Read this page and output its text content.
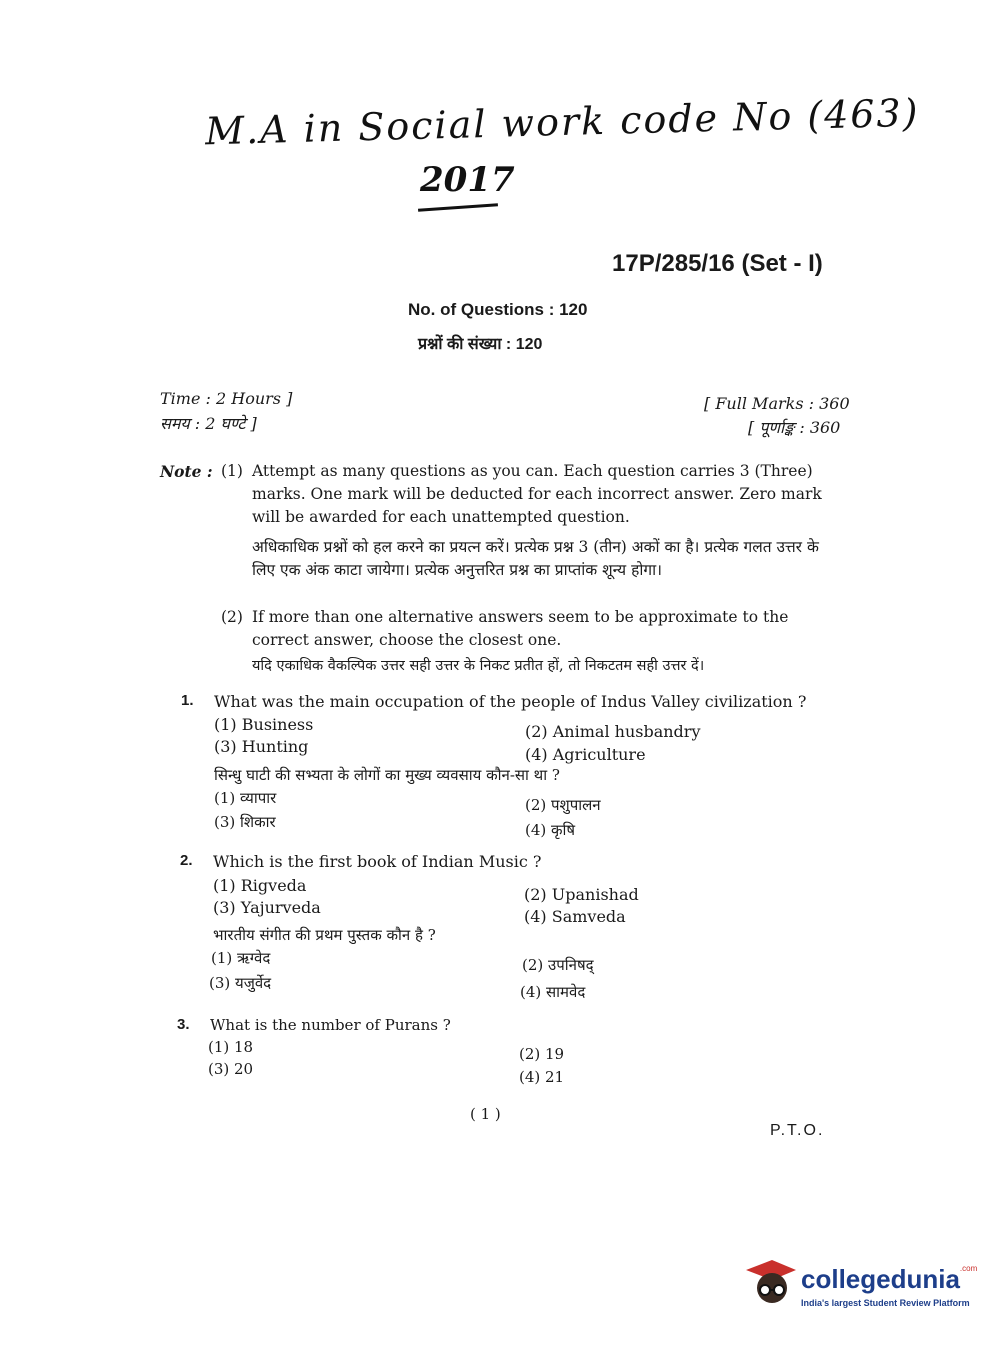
M.A in Social work code No (463)
2017
17P/285/16 (Set - I)
No. of Questions : 120
प्रश्नों की संख्या : 120
Time : 2 Hours ]
समय : 2 घण्टे ]
[ Full Marks : 360
[ पूर्णाङ्क : 360
Note : (1) Attempt as many questions as you can. Each question carries 3 (Three) marks. One mark will be deducted for each incorrect answer. Zero mark will be awarded for each unattempted question.
अधिकाधिक प्रश्नों को हल करने का प्रयत्न करें। प्रत्येक प्रश्न 3 (तीन) अकों का है। प्रत्येक गलत उत्तर के लिए एक अंक काटा जायेगा। प्रत्येक अनुत्तरित प्रश्न का प्राप्तांक शून्य होगा।
(2) If more than one alternative answers seem to be approximate to the correct answer, choose the closest one.
यदि एकाधिक वैकल्पिक उत्तर सही उत्तर के निकट प्रतीत हों, तो निकटतम सही उत्तर दें।
1. What was the main occupation of the people of Indus Valley civilization ?
(1) Business	(2) Animal husbandry
(3) Hunting	(4) Agriculture
सिन्धु घाटी की सभ्यता के लोगों का मुख्य व्यवसाय कौन-सा था ?
(1) व्यापार	(2) पशुपालन
(3) शिकार	(4) कृषि
2. Which is the first book of Indian Music ?
(1) Rigveda	(2) Upanishad
(3) Yajurveda	(4) Samveda
भारतीय संगीत की प्रथम पुस्तक कौन है ?
(1) ऋग्वेद	(2) उपनिषद्
(3) यजुर्वेद	(4) सामवेद
3. What is the number of Purans ?
(1) 18	(2) 19
(3) 20	(4) 21
( 1 )
P.T.O.
collegedunia$^{.com}$
India's largest Student Review Platform
